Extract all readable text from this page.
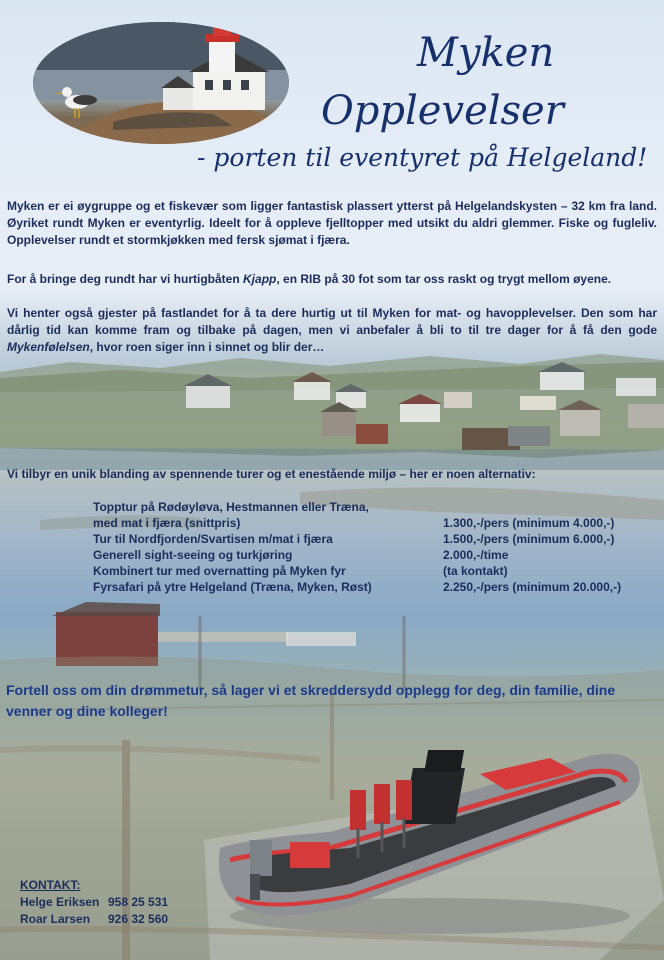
Myken
Opplevelser
- porten til eventyret på Helgeland!

Myken er ei øygruppe og et fiskevær som ligger fantastisk plassert ytterst på Helgelandskysten – 32 km fra land. Øyriket rundt Myken er eventyrlig. Ideelt for å oppleve fjelltopper med utsikt du aldri glemmer. Fiske og fugleliv. Opplevelser rundt et stormkjøkken med fersk sjømat i fjæra.

For å bringe deg rundt har vi hurtigbåten Kjapp, en RIB på 30 fot som tar oss raskt og trygt mellom øyene.

Vi henter også gjester på fastlandet for å ta dere hurtig ut til Myken for mat- og havopplevelser. Den som har dårlig tid kan komme fram og tilbake på dagen, men vi anbefaler å bli to til tre dager for å få den gode Mykenfølelsen, hvor roen siger inn i sinnet og blir der…

Vi tilbyr en unik blanding av spennende turer og et enestående miljø – her er noen alternativ:

Topptur på Rødøyløva, Hestmannen eller Træna,	
med mat i fjæra (snittpris)	1.300,-/pers (minimum 4.000,-)
Tur til Nordfjorden/Svartisen m/mat i fjæra	1.500,-/pers (minimum 6.000,-)
Generell sight-seeing og turkjøring	2.000,-/time
Kombinert tur med overnatting på Myken fyr	(ta kontakt)
Fyrsafari på ytre Helgeland (Træna, Myken, Røst)	2.250,-/pers (minimum 20.000,-)

Fortell oss om din drømmetur, så lager vi et skreddersydd opplegg for deg, din familie, dine venner og dine kolleger!

KONTAKT:
Helge Eriksen 958 25 531
Roar Larsen 926 32 560
